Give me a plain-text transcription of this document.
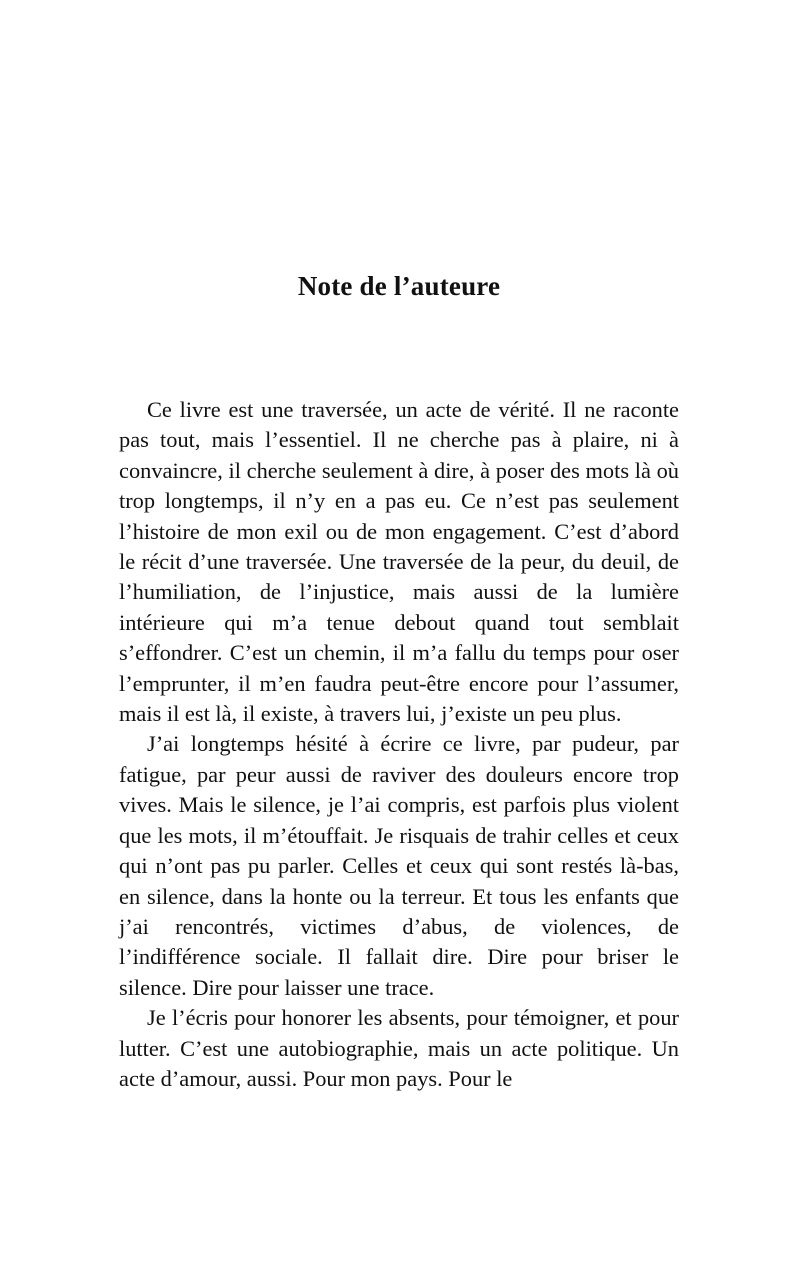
Note de l’auteure

Ce livre est une traversée, un acte de vérité. Il ne raconte pas tout, mais l’essentiel. Il ne cherche pas à plaire, ni à convaincre, il cherche seulement à dire, à poser des mots là où trop longtemps, il n’y en a pas eu. Ce n’est pas seulement l’histoire de mon exil ou de mon engagement. C’est d’abord le récit d’une traversée. Une traversée de la peur, du deuil, de l’humiliation, de l’injustice, mais aussi de la lumière intérieure qui m’a tenue debout quand tout semblait s’effondrer. C’est un chemin, il m’a fallu du temps pour oser l’emprunter, il m’en faudra peut-être encore pour l’assumer, mais il est là, il existe, à travers lui, j’existe un peu plus.

J’ai longtemps hésité à écrire ce livre, par pudeur, par fatigue, par peur aussi de raviver des douleurs encore trop vives. Mais le silence, je l’ai compris, est parfois plus violent que les mots, il m’étouffait. Je risquais de trahir celles et ceux qui n’ont pas pu parler. Celles et ceux qui sont restés là-bas, en silence, dans la honte ou la terreur. Et tous les enfants que j’ai rencontrés, victimes d’abus, de violences, de l’indifférence sociale. Il fallait dire. Dire pour briser le silence. Dire pour laisser une trace.

Je l’écris pour honorer les absents, pour témoigner, et pour lutter. C’est une autobiographie, mais un acte politique. Un acte d’amour, aussi. Pour mon pays. Pour le
